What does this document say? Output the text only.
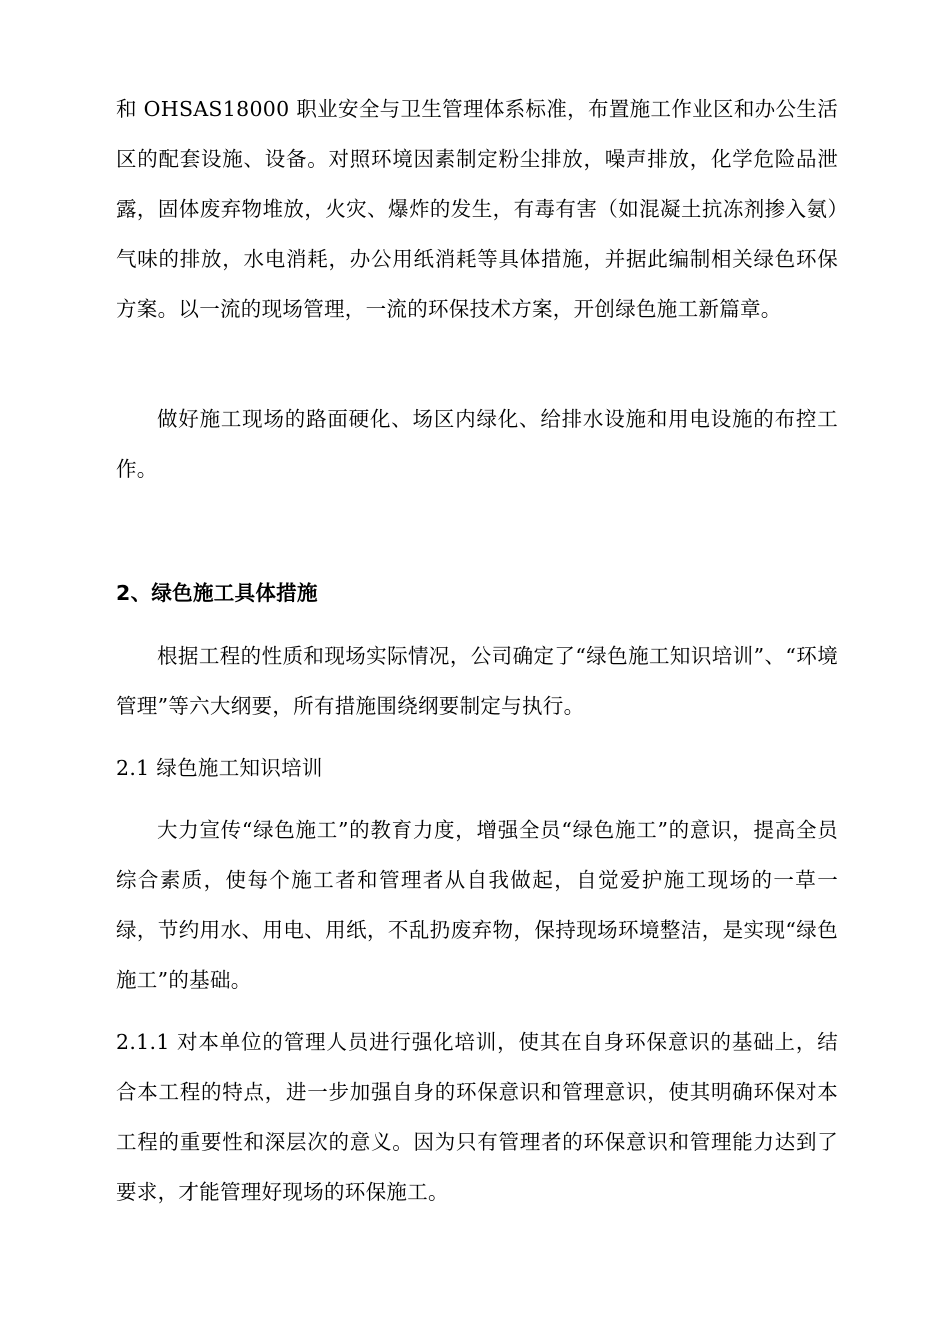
和 OHSAS18000 职业安全与卫生管理体系标准，布置施工作业区和办公生活区的配套设施、设备。对照环境因素制定粉尘排放，噪声排放，化学危险品泄露，固体废弃物堆放，火灾、爆炸的发生，有毒有害（如混凝土抗冻剂掺入氨）气味的排放，水电消耗，办公用纸消耗等具体措施，并据此编制相关绿色环保方案。以一流的现场管理，一流的环保技术方案，开创绿色施工新篇章。
做好施工现场的路面硬化、场区内绿化、给排水设施和用电设施的布控工作。
2、绿色施工具体措施
根据工程的性质和现场实际情况，公司确定了“绿色施工知识培训”、“环境管理”等六大纲要，所有措施围绕纲要制定与执行。
2.1 绿色施工知识培训
大力宣传“绿色施工”的教育力度，增强全员“绿色施工”的意识，提高全员综合素质，使每个施工者和管理者从自我做起，自觉爱护施工现场的一草一绿，节约用水、用电、用纸，不乱扔废弃物，保持现场环境整洁，是实现“绿色施工”的基础。
2.1.1 对本单位的管理人员进行强化培训，使其在自身环保意识的基础上，结合本工程的特点，进一步加强自身的环保意识和管理意识，使其明确环保对本工程的重要性和深层次的意义。因为只有管理者的环保意识和管理能力达到了要求，才能管理好现场的环保施工。
